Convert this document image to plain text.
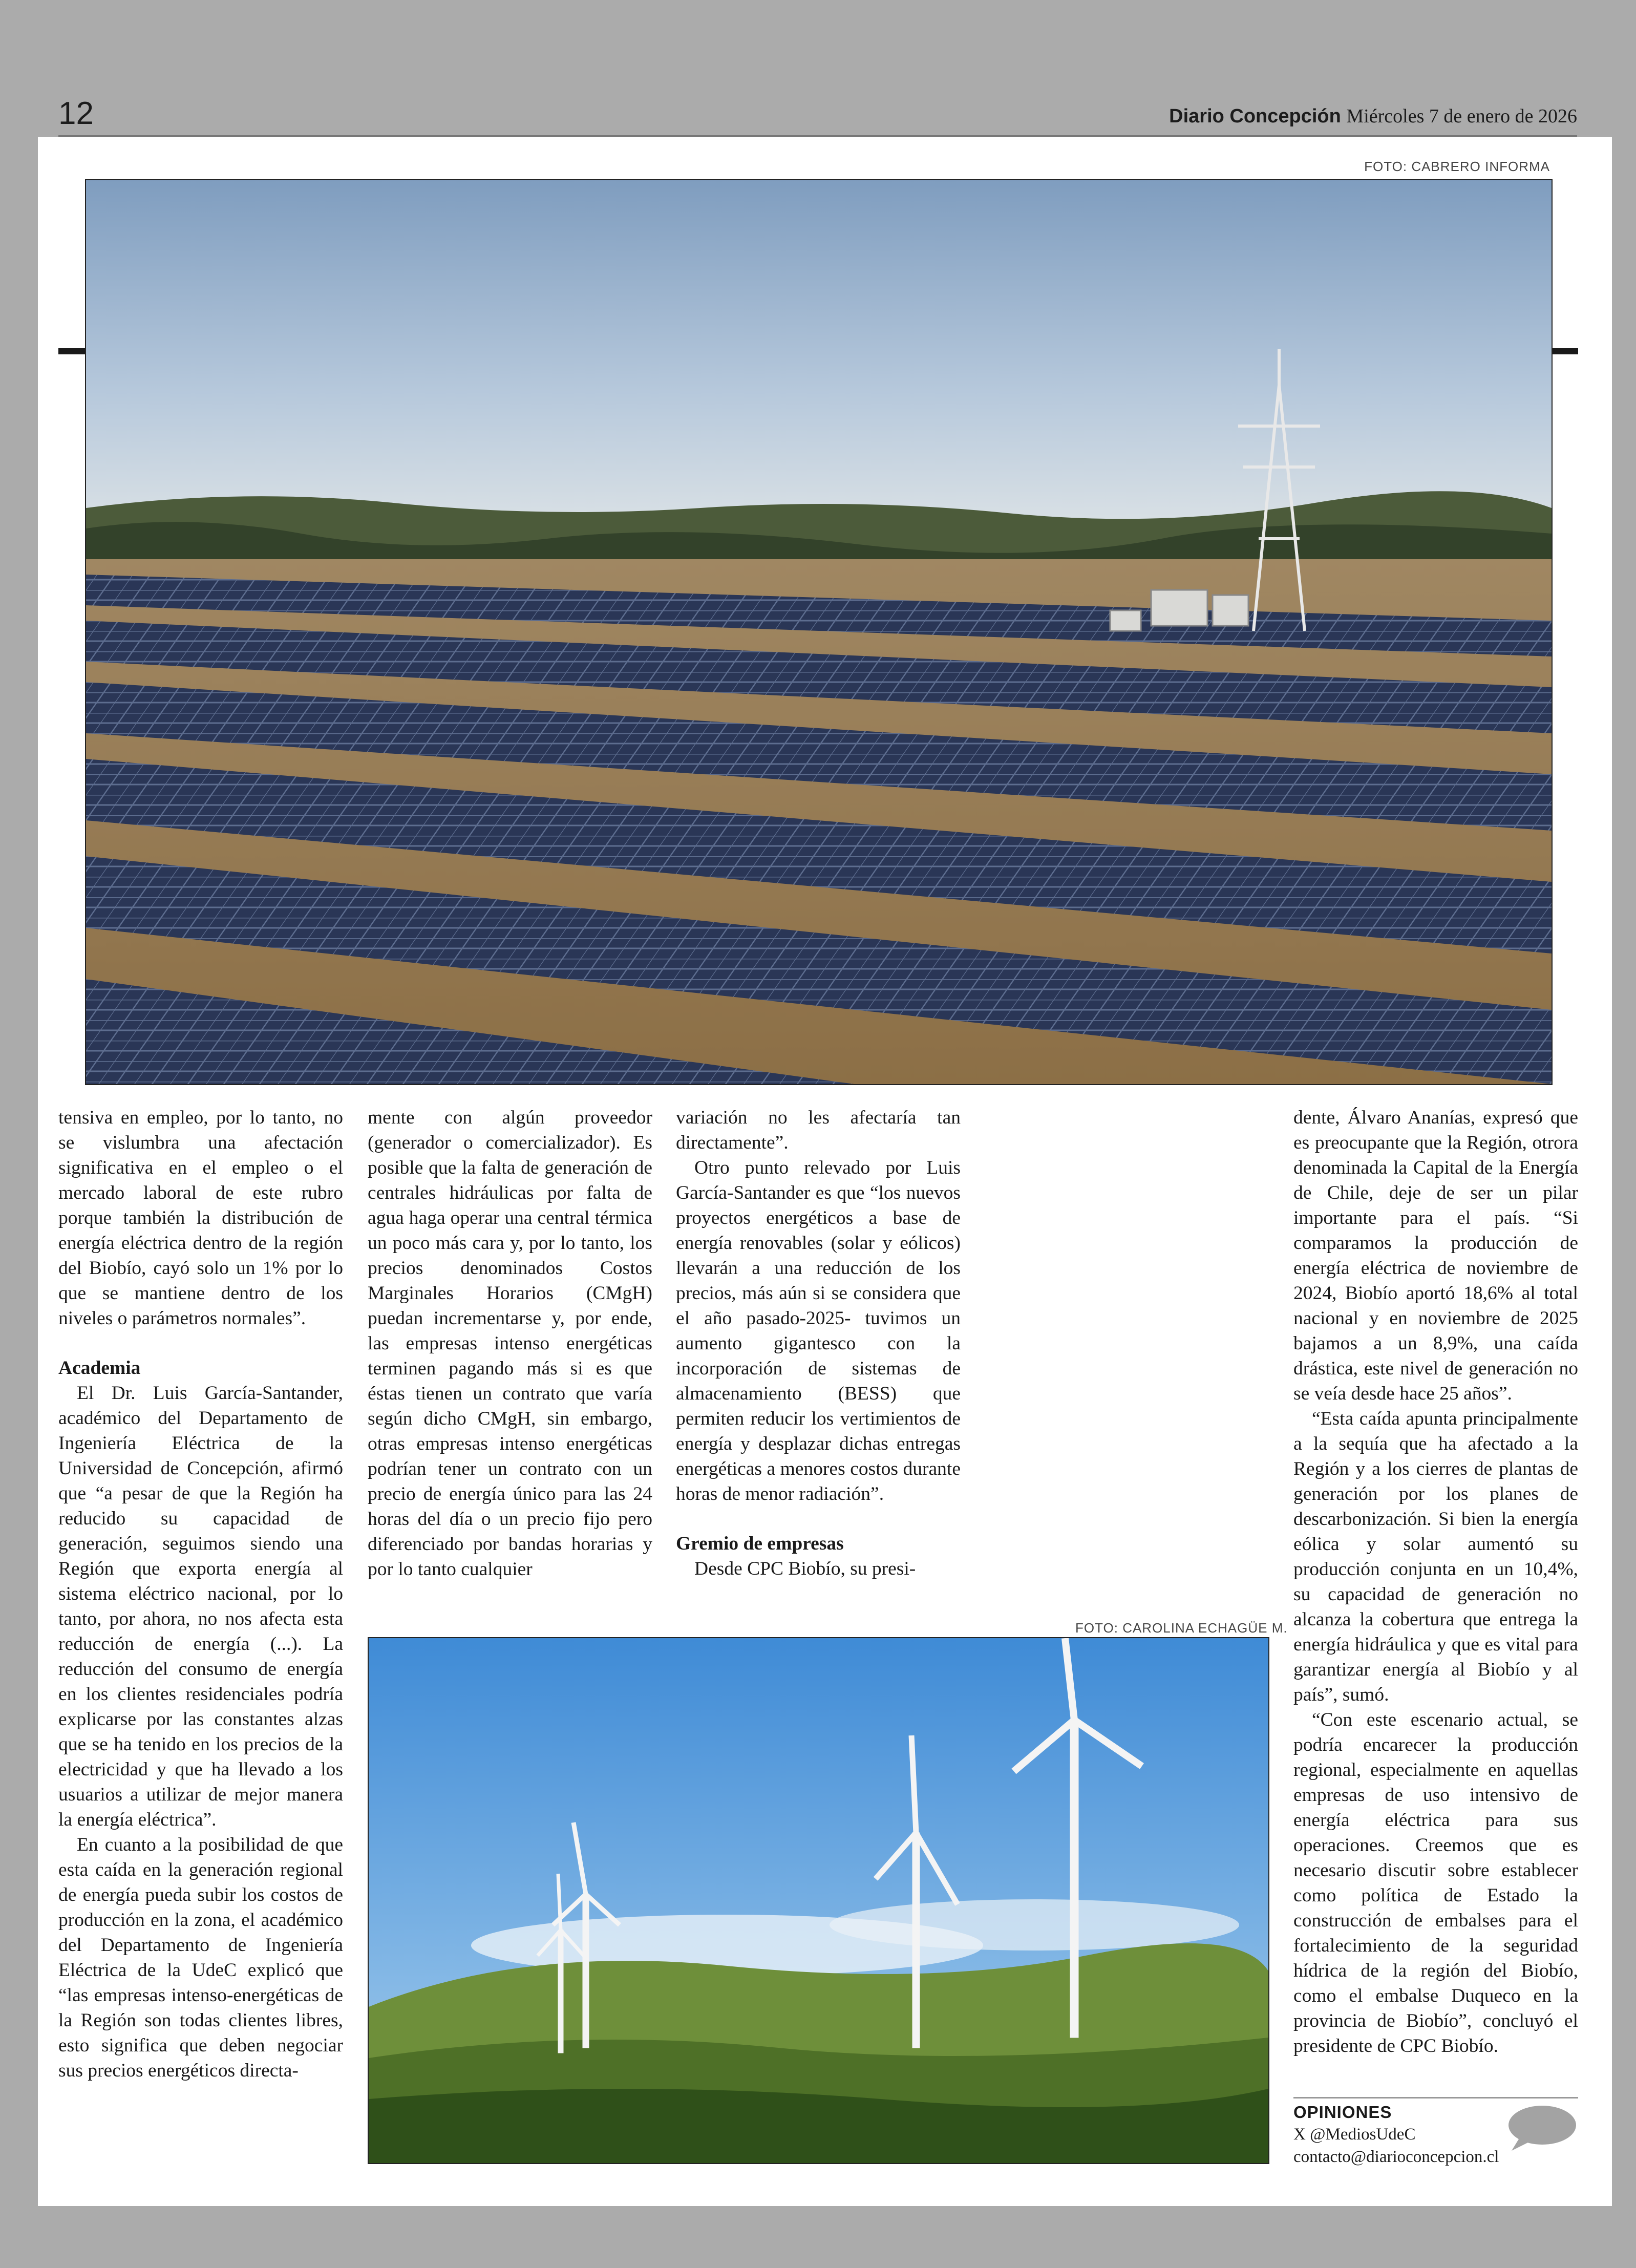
12	Diario Concepción Miércoles 7 de enero de 2026
FOTO: CABRERO INFORMA

tensiva en empleo, por lo tanto, no se vislumbra una afectación significativa en el empleo o el mercado laboral de este rubro porque también la distribución de energía eléctrica dentro de la región del Biobío, cayó solo un 1% por lo que se mantiene dentro de los niveles o parámetros normales”.

Academia

El Dr. Luis García-Santander, académico del Departamento de Ingeniería Eléctrica de la Universidad de Concepción, afirmó que “a pesar de que la Región ha reducido su capacidad de generación, seguimos siendo una Región que exporta energía al sistema eléctrico nacional, por lo tanto, por ahora, no nos afecta esta reducción de energía (...). La reducción del consumo de energía en los clientes residenciales podría explicarse por las constantes alzas que se ha tenido en los precios de la electricidad y que ha llevado a los usuarios a utilizar de mejor manera la energía eléctrica”.

En cuanto a la posibilidad de que esta caída en la generación regional de energía pueda subir los costos de producción en la zona, el académico del Departamento de Ingeniería Eléctrica de la UdeC explicó que “las empresas intenso-energéticas de la Región son todas clientes libres, esto significa que deben negociar sus precios energéticos directa-

mente con algún proveedor (generador o comercializador). Es posible que la falta de generación de centrales hidráulicas por falta de agua haga operar una central térmica un poco más cara y, por lo tanto, los precios denominados Costos Marginales Horarios (CMgH) puedan incrementarse y, por ende, las empresas intenso energéticas terminen pagando más si es que éstas tienen un contrato que varía según dicho CMgH, sin embargo, otras empresas intenso energéticas podrían tener un contrato con un precio de energía único para las 24 horas del día o un precio fijo pero diferenciado por bandas horarias y por lo tanto cualquier

variación no les afectaría tan directamente”.

Otro punto relevado por Luis García-Santander es que “los nuevos proyectos energéticos a base de energía renovables (solar y eólicos) llevarán a una reducción de los precios, más aún si se considera que el año pasado-2025- tuvimos un aumento gigantesco con la incorporación de sistemas de almacenamiento (BESS) que permiten reducir los vertimientos de energía y desplazar dichas entregas energéticas a menores costos durante horas de menor radiación”.

Gremio de empresas

Desde CPC Biobío, su presi-

dente, Álvaro Ananías, expresó que es preocupante que la Región, otrora denominada la Capital de la Energía de Chile, deje de ser un pilar importante para el país. “Si comparamos la producción de energía eléctrica de noviembre de 2024, Biobío aportó 18,6% al total nacional y en noviembre de 2025 bajamos a un 8,9%, una caída drástica, este nivel de generación no se veía desde hace 25 años”.

“Esta caída apunta principalmente a la sequía que ha afectado a la Región y a los cierres de plantas de generación por los planes de descarbonización. Si bien la energía eólica y solar aumentó su producción conjunta en un 10,4%, su capacidad de generación no alcanza la cobertura que entrega la energía hidráulica y que es vital para garantizar energía al Biobío y al país”, sumó.

“Con este escenario actual, se podría encarecer la producción regional, especialmente en aquellas empresas de uso intensivo de energía eléctrica para sus operaciones. Creemos que es necesario discutir sobre establecer como política de Estado la construcción de embalses para el fortalecimiento de la seguridad hídrica de la región del Biobío, como el embalse Duqueco en la provincia de Biobío”, concluyó el presidente de CPC Biobío.

FOTO: CAROLINA ECHAGÜE M.
OPINIONES
X @MediosUdeC
contacto@diarioconcepcion.cl
